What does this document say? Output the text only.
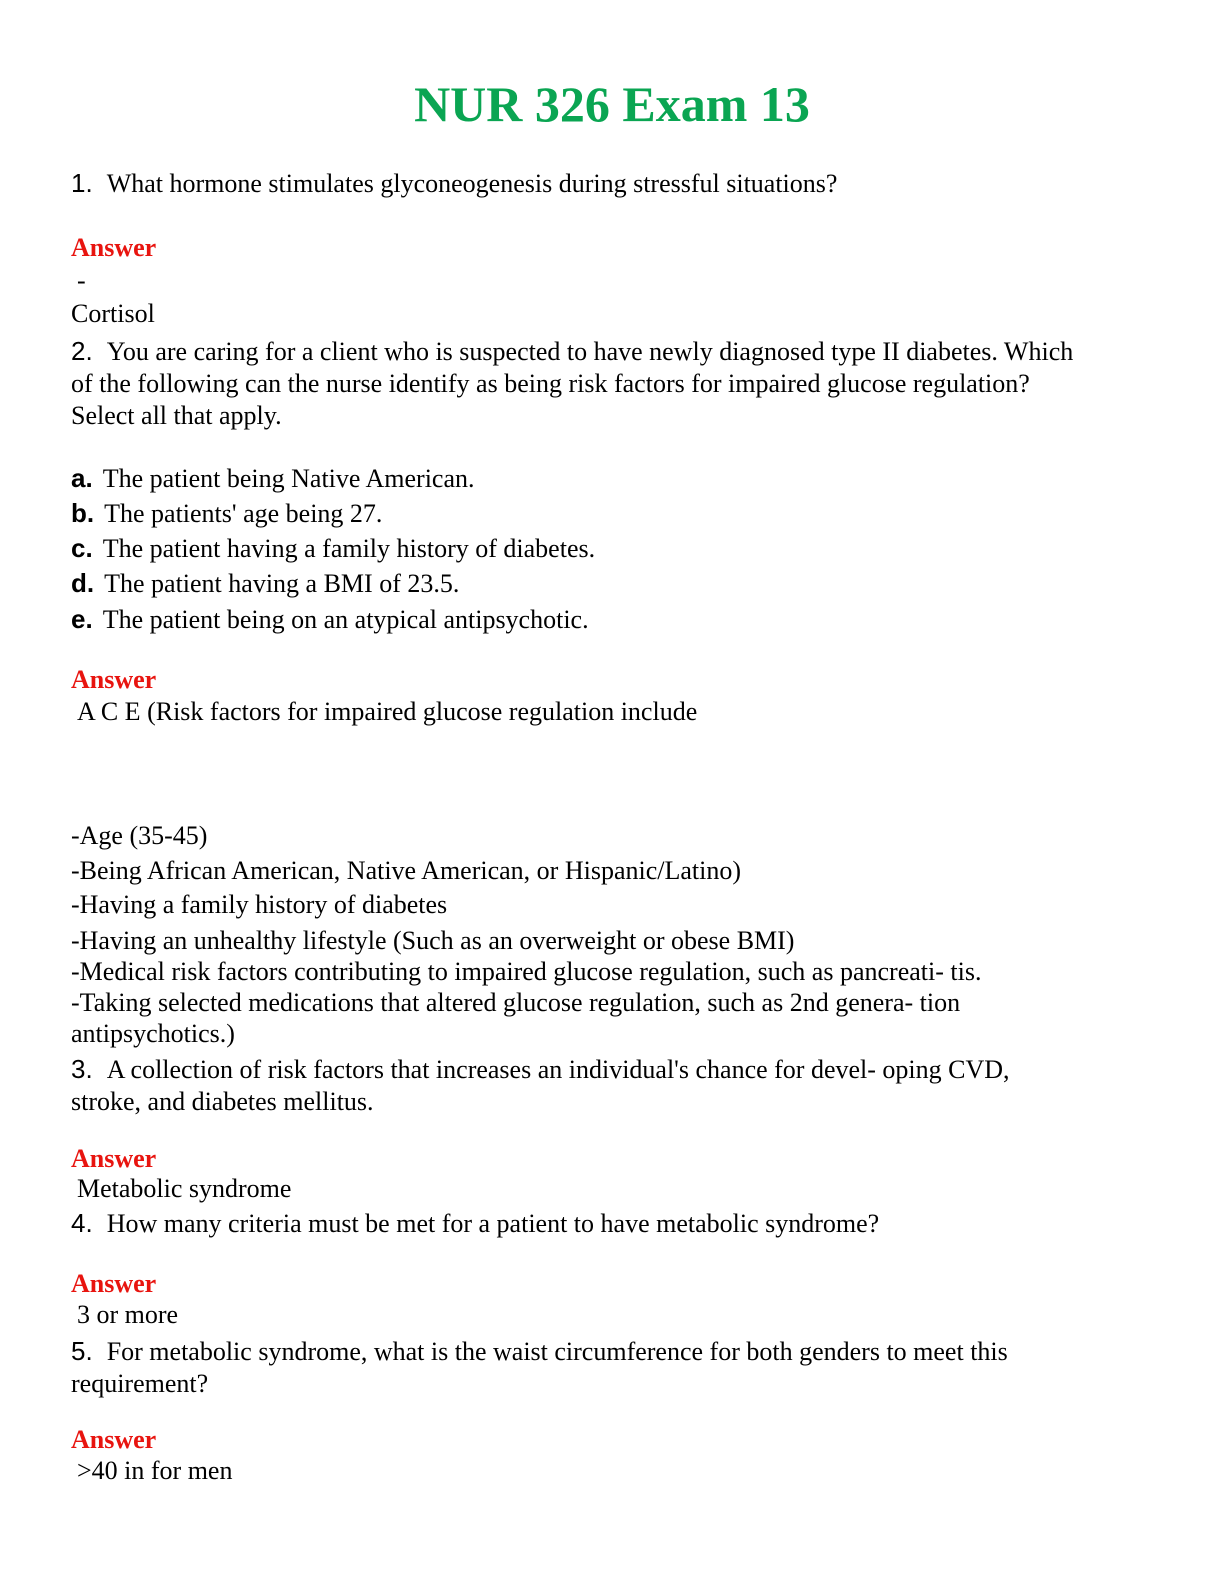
NUR 326 Exam 13
1. What hormone stimulates glyconeogenesis during stressful situations?
Answer
-
Cortisol
2. You are caring for a client who is suspected to have newly diagnosed type II diabetes. Which of the following can the nurse identify as being risk factors for impaired glucose regulation? Select all that apply.
a. The patient being Native American.
b. The patients' age being 27.
c. The patient having a family history of diabetes.
d. The patient having a BMI of 23.5.
e. The patient being on an atypical antipsychotic.
Answer
A C E (Risk factors for impaired glucose regulation include
-Age (35-45)
-Being African American, Native American, or Hispanic/Latino)
-Having a family history of diabetes
-Having an unhealthy lifestyle (Such as an overweight or obese BMI)
-Medical risk factors contributing to impaired glucose regulation, such as pancreati- tis.
-Taking selected medications that altered glucose regulation, such as 2nd genera- tion
antipsychotics.)
3. A collection of risk factors that increases an individual's chance for devel- oping CVD, stroke, and diabetes mellitus.
Answer
Metabolic syndrome
4. How many criteria must be met for a patient to have metabolic syndrome?
Answer
3 or more
5. For metabolic syndrome, what is the waist circumference for both genders to meet this requirement?
Answer
>40 in for men
